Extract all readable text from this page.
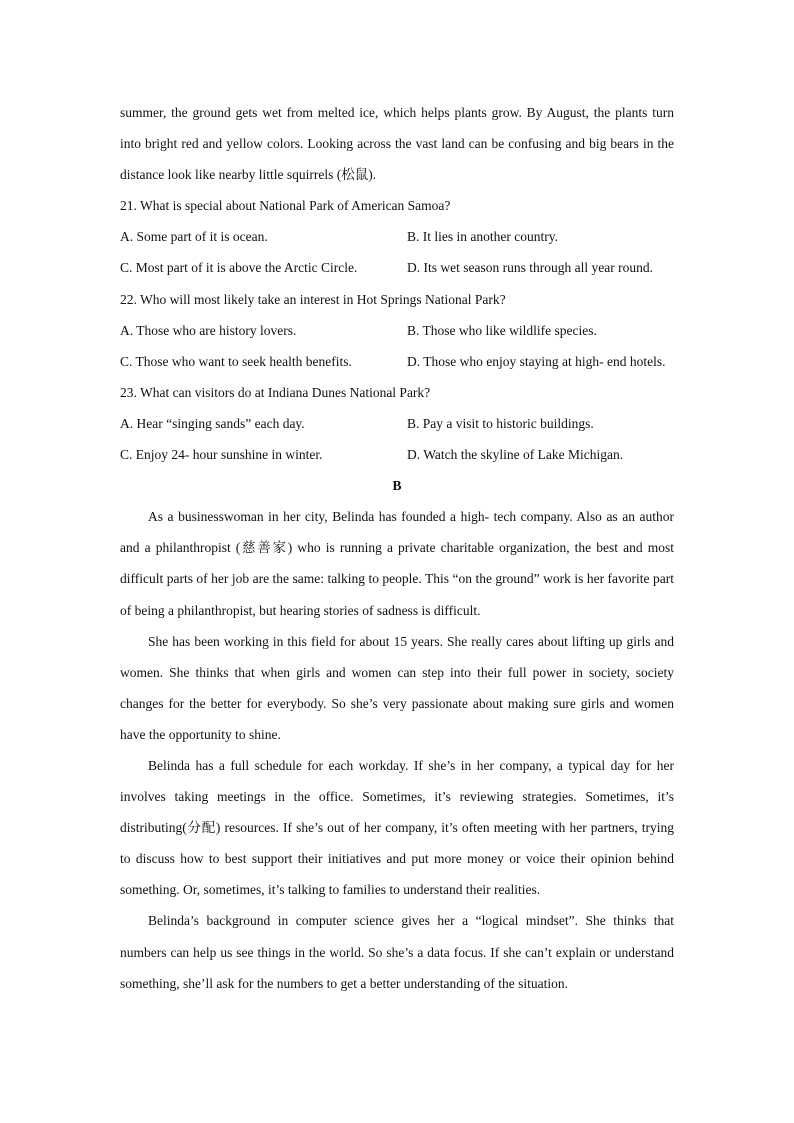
summer, the ground gets wet from melted ice, which helps plants grow. By August, the plants turn into bright red and yellow colors. Looking across the vast land can be confusing and big bears in the distance look like nearby little squirrels (松鼠).

21. What is special about National Park of American Samoa?

A. Some part of it is ocean.	B. It lies in another country.
C. Most part of it is above the Arctic Circle.	D. Its wet season runs through all year round.

22. Who will most likely take an interest in Hot Springs National Park?

A. Those who are history lovers.	B. Those who like wildlife species.
C. Those who want to seek health benefits.	D. Those who enjoy staying at high- end hotels.

23. What can visitors do at Indiana Dunes National Park?

A. Hear “singing sands” each day.	B. Pay a visit to historic buildings.
C. Enjoy 24- hour sunshine in winter.	D. Watch the skyline of Lake Michigan.

B

As a businesswoman in her city, Belinda has founded a high- tech company. Also as an author and a philanthropist (慈善家) who is running a private charitable organization, the best and most difficult parts of her job are the same: talking to people. This “on the ground” work is her favorite part of being a philanthropist, but hearing stories of sadness is difficult.

She has been working in this field for about 15 years. She really cares about lifting up girls and women. She thinks that when girls and women can step into their full power in society, society changes for the better for everybody. So she’s very passionate about making sure girls and women have the opportunity to shine.

Belinda has a full schedule for each workday. If she’s in her company, a typical day for her involves taking meetings in the office. Sometimes, it’s reviewing strategies. Sometimes, it’s distributing(分配) resources. If she’s out of her company, it’s often meeting with her partners, trying to discuss how to best support their initiatives and put more money or voice their opinion behind something. Or, sometimes, it’s talking to families to understand their realities.

Belinda’s background in computer science gives her a “logical mindset”. She thinks that numbers can help us see things in the world. So she’s a data focus. If she can’t explain or understand something, she’ll ask for the numbers to get a better understanding of the situation.
